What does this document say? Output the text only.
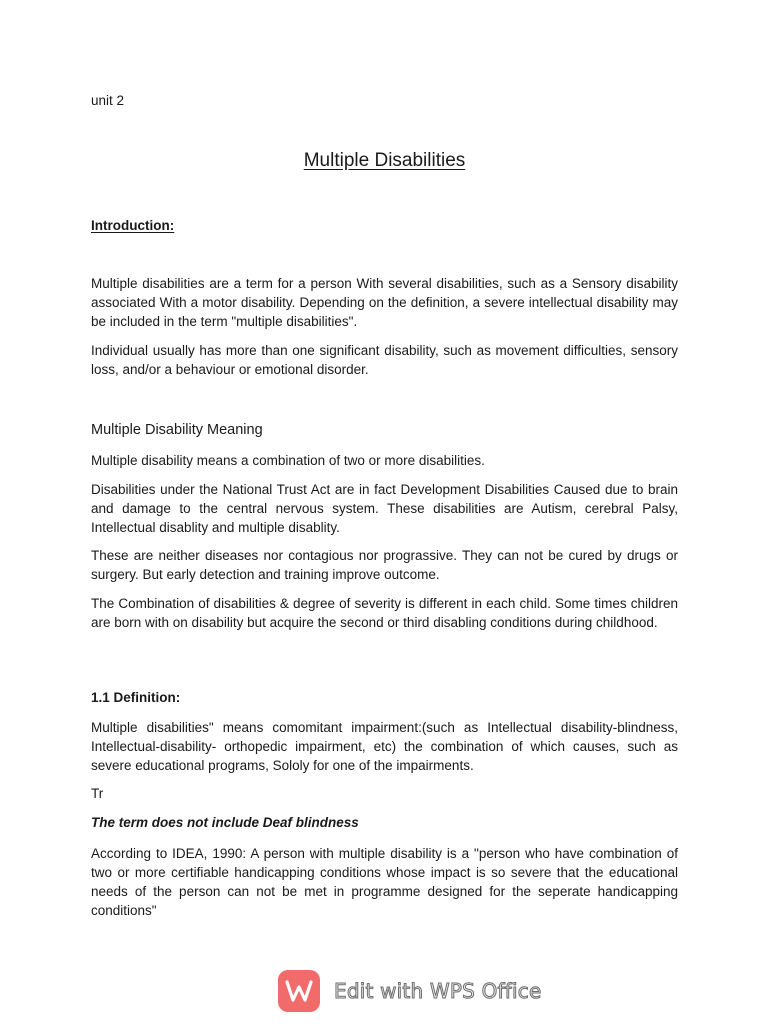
unit 2
Multiple Disabilities
Introduction:

Multiple disabilities are a term for a person With several disabilities, such as a Sensory disability associated With a motor disability. Depending on the definition, a severe intellectual disability may be included in the term "multiple disabilities".

Individual usually has more than one significant disability, such as movement difficulties, sensory loss, and/or a behaviour or emotional disorder.

Multiple Disability Meaning

Multiple disability means a combination of two or more disabilities.

Disabilities under the National Trust Act are in fact Development Disabilities Caused due to brain and damage to the central nervous system. These disabilities are Autism, cerebral Palsy, Intellectual disablity and multiple disablity.

These are neither diseases nor contagious nor prograssive. They can not be cured by drugs or surgery. But early detection and training improve outcome.

The Combination of disabilities & degree of severity is different in each child. Some times children are born with on disability but acquire the second or third disabling conditions during childhood.

1.1 Definition:

Multiple disabilities" means comomitant impairment:(such as Intellectual disability-blindness, Intellectual-disability- orthopedic impairment, etc) the combination of which causes, such as severe educational programs, Sololy for one of the impairments.

Tr
The term does not include Deaf blindness

According to IDEA, 1990: A person with multiple disability is a "person who have combination of two or more certifiable handicapping conditions whose impact is so severe that the educational needs of the person can not be met in programme designed for the seperate handicapping conditions"

Edit with WPS Office
